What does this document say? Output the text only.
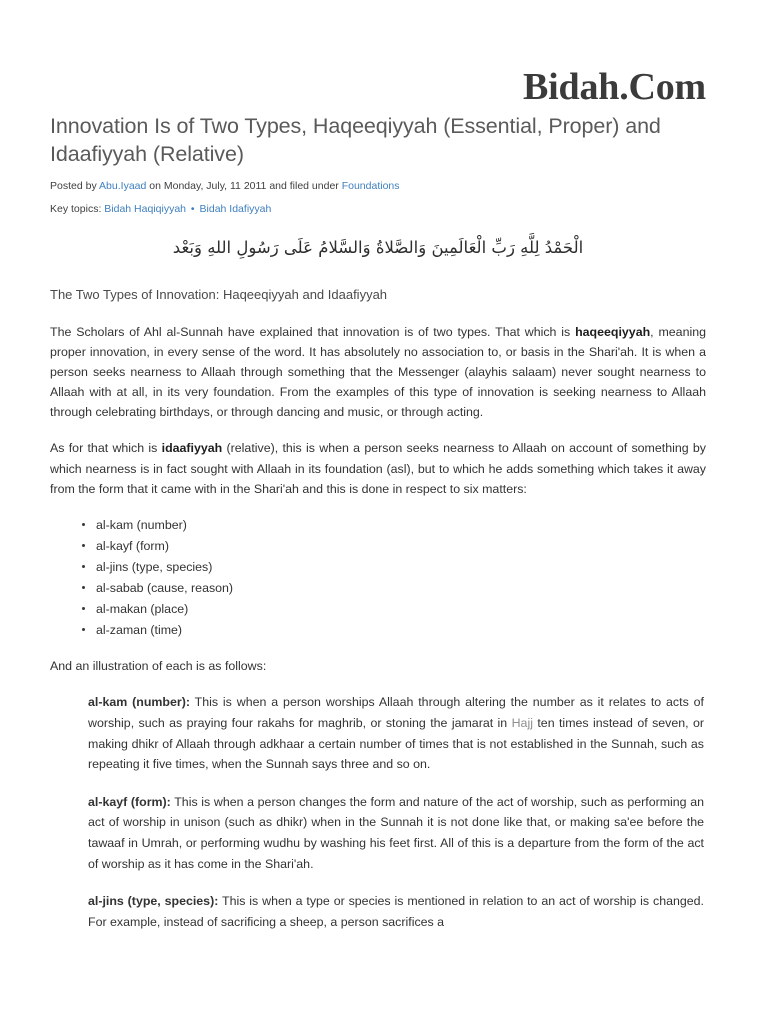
Bidah.Com
Innovation Is of Two Types, Haqeeqiyyah (Essential, Proper) and Idaafiyyah (Relative)
Posted by Abu.Iyaad on Monday, July, 11 2011 and filed under Foundations
Key topics: Bidah Haqiqiyyah • Bidah Idafiyyah
الْحَمْدُ لِلَّهِ رَبِّ الْعَالَمِينَ وَالصَّلاةُ وَالسَّلامُ عَلَى رَسُولِ اللهِ وَبَعْد
The Two Types of Innovation: Haqeeqiyyah and Idaafiyyah

The Scholars of Ahl al-Sunnah have explained that innovation is of two types. That which is haqeeqiyyah, meaning proper innovation, in every sense of the word. It has absolutely no association to, or basis in the Shari'ah. It is when a person seeks nearness to Allaah through something that the Messenger (alayhis salaam) never sought nearness to Allaah with at all, in its very foundation. From the examples of this type of innovation is seeking nearness to Allaah through celebrating birthdays, or through dancing and music, or through acting.

As for that which is idaafiyyah (relative), this is when a person seeks nearness to Allaah on account of something by which nearness is in fact sought with Allaah in its foundation (asl), but to which he adds something which takes it away from the form that it came with in the Shari'ah and this is done in respect to six matters:

al-kam (number)
al-kayf (form)
al-jins (type, species)
al-sabab (cause, reason)
al-makan (place)
al-zaman (time)

And an illustration of each is as follows:

al-kam (number): This is when a person worships Allaah through altering the number as it relates to acts of worship, such as praying four rakahs for maghrib, or stoning the jamarat in Hajj ten times instead of seven, or making dhikr of Allaah through adkhaar a certain number of times that is not established in the Sunnah, such as repeating it five times, when the Sunnah says three and so on.

al-kayf (form): This is when a person changes the form and nature of the act of worship, such as performing an act of worship in unison (such as dhikr) when in the Sunnah it is not done like that, or making sa'ee before the tawaaf in Umrah, or performing wudhu by washing his feet first. All of this is a departure from the form of the act of worship as it has come in the Shari'ah.

al-jins (type, species): This is when a type or species is mentioned in relation to an act of worship is changed. For example, instead of sacrificing a sheep, a person sacrifices a
